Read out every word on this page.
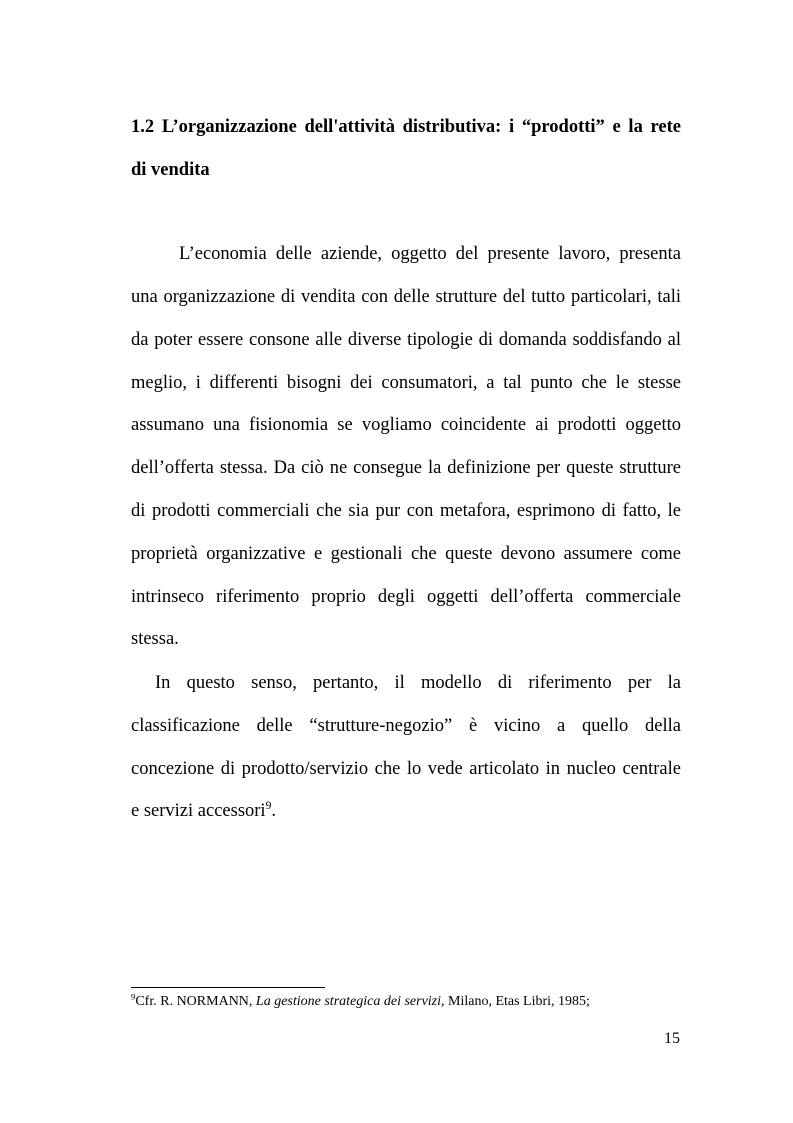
1.2 L’organizzazione dell'attività distributiva: i “prodotti” e la rete
di vendita
L’economia delle aziende, oggetto del presente lavoro, presenta
una organizzazione di vendita con delle strutture del tutto particolari, tali
da poter essere consone alle diverse tipologie di domanda soddisfando al
meglio, i differenti bisogni dei consumatori, a tal punto che le stesse
assumano una fisionomia se vogliamo coincidente ai prodotti oggetto
dell’offerta stessa. Da ciò ne consegue la definizione per queste strutture
di prodotti commerciali che sia pur con metafora, esprimono di fatto, le
proprietà organizzative e gestionali che queste devono assumere come
intrinseco riferimento proprio degli oggetti dell’offerta commerciale
stessa.
In questo senso, pertanto, il modello di riferimento per la
classificazione delle “strutture-negozio” è vicino a quello della
concezione di prodotto/servizio che lo vede articolato in nucleo centrale
e servizi accessori$^9$.
$^9$Cfr. R. NORMANN, La gestione strategica dei servizi, Milano, Etas Libri, 1985;
15
